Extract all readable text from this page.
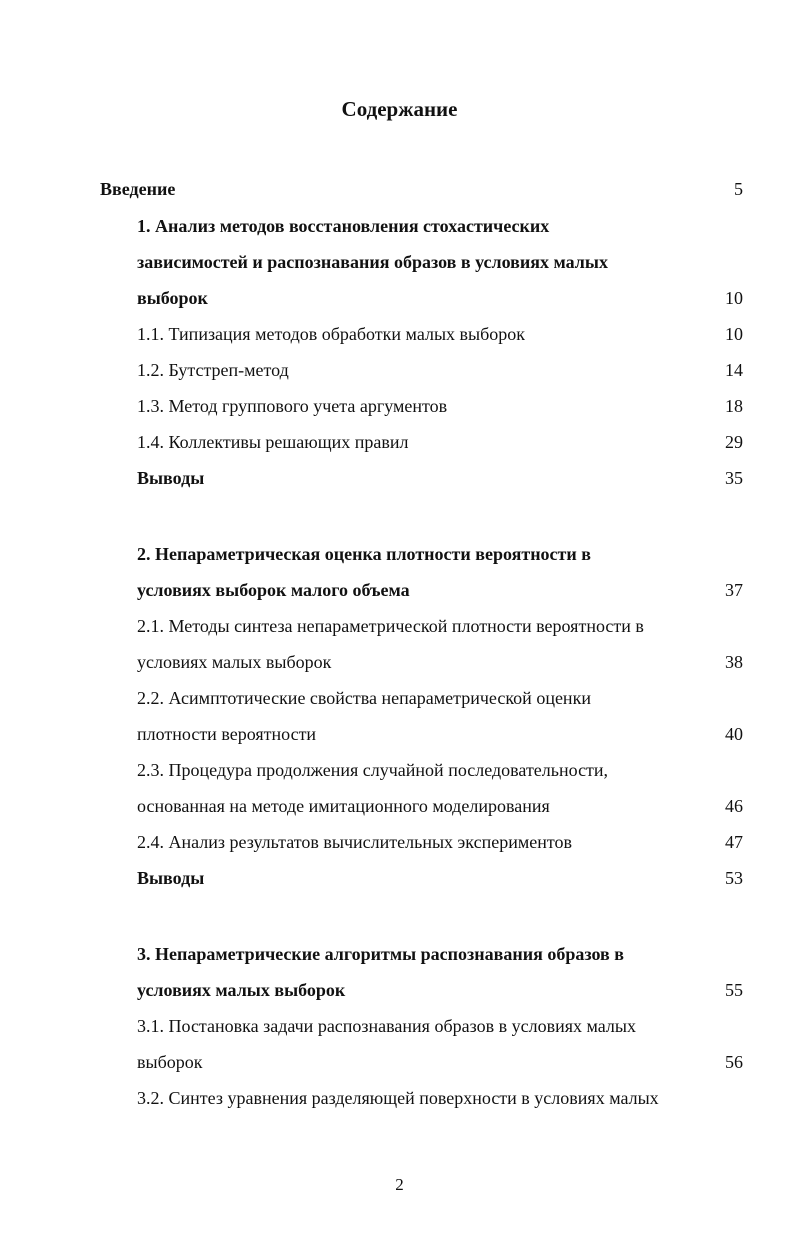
Содержание
Введение	5
1. Анализ методов восстановления стохастических
зависимостей и распознавания образов в условиях малых
выборок	10
1.1. Типизация методов обработки малых выборок	10
1.2. Бутстреп-метод	14
1.3. Метод группового учета аргументов	18
1.4. Коллективы решающих правил	29
Выводы	35
2. Непараметрическая оценка плотности вероятности в
условиях выборок малого объема	37
2.1. Методы синтеза непараметрической плотности вероятности в
условиях малых выборок	38
2.2. Асимптотические свойства непараметрической оценки
плотности вероятности	40
2.3. Процедура продолжения случайной последовательности,
основанная на методе имитационного моделирования	46
2.4. Анализ результатов вычислительных экспериментов	47
Выводы	53
3. Непараметрические алгоритмы распознавания образов в
условиях малых выборок	55
3.1. Постановка задачи распознавания образов в условиях малых
выборок	56
3.2. Синтез уравнения разделяющей поверхности в условиях малых
2
